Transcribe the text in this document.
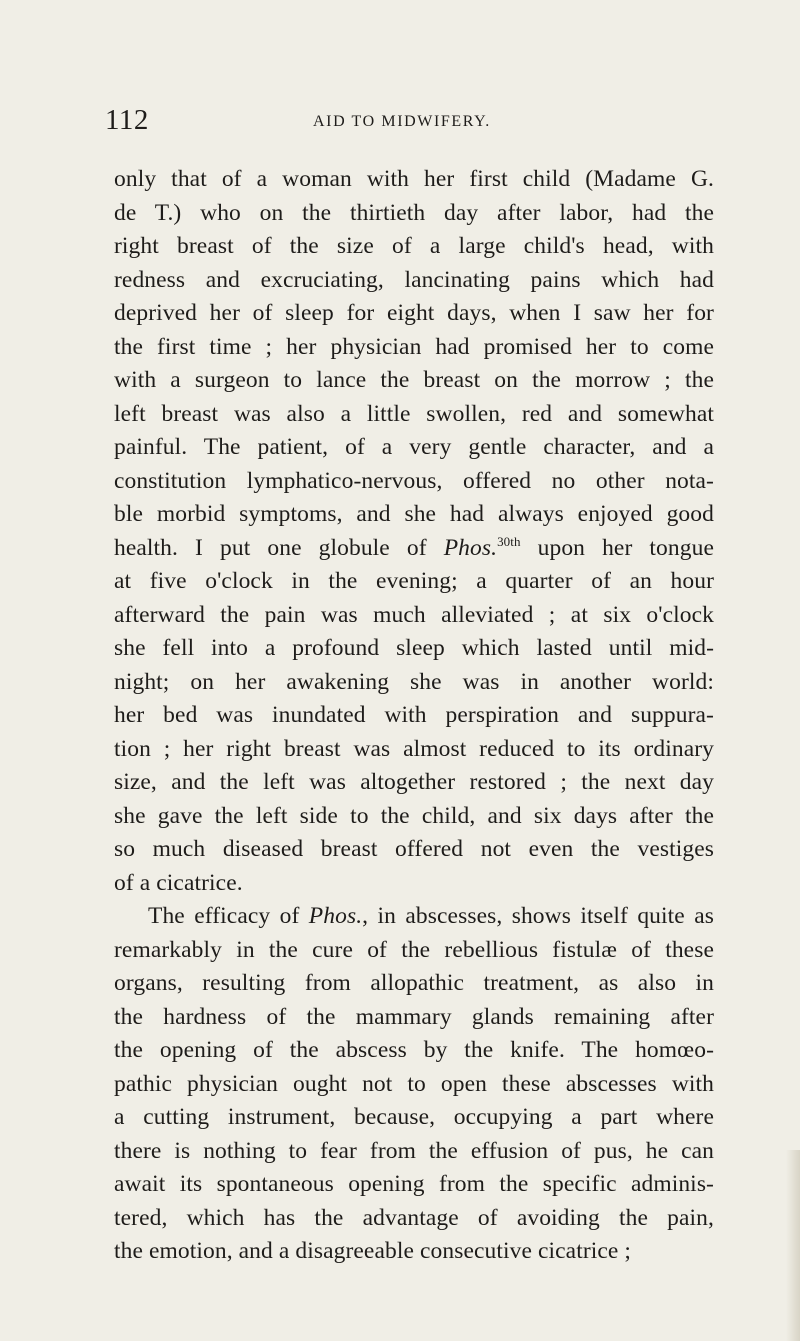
112	AID TO MIDWIFERY.
only that of a woman with her first child (Madame G.
de T.) who on the thirtieth day after labor, had the
right breast of the size of a large child's head, with
redness and excruciating, lancinating pains which had
deprived her of sleep for eight days, when I saw her for
the first time ; her physician had promised her to come
with a surgeon to lance the breast on the morrow ; the
left breast was also a little swollen, red and somewhat
painful. The patient, of a very gentle character, and a
constitution lymphatico-nervous, offered no other nota-
ble morbid symptoms, and she had always enjoyed good
health. I put one globule of Phos.$^{30th}$ upon her tongue
at five o'clock in the evening; a quarter of an hour
afterward the pain was much alleviated ; at six o'clock
she fell into a profound sleep which lasted until mid-
night; on her awakening she was in another world:
her bed was inundated with perspiration and suppura-
tion ; her right breast was almost reduced to its ordinary
size, and the left was altogether restored ; the next day
she gave the left side to the child, and six days after the
so much diseased breast offered not even the vestiges
of a cicatrice.
The efficacy of Phos., in abscesses, shows itself quite as
remarkably in the cure of the rebellious fistulæ of these
organs, resulting from allopathic treatment, as also in
the hardness of the mammary glands remaining after
the opening of the abscess by the knife. The homœo-
pathic physician ought not to open these abscesses with
a cutting instrument, because, occupying a part where
there is nothing to fear from the effusion of pus, he can
await its spontaneous opening from the specific adminis-
tered, which has the advantage of avoiding the pain,
the emotion, and a disagreeable consecutive cicatrice ;
